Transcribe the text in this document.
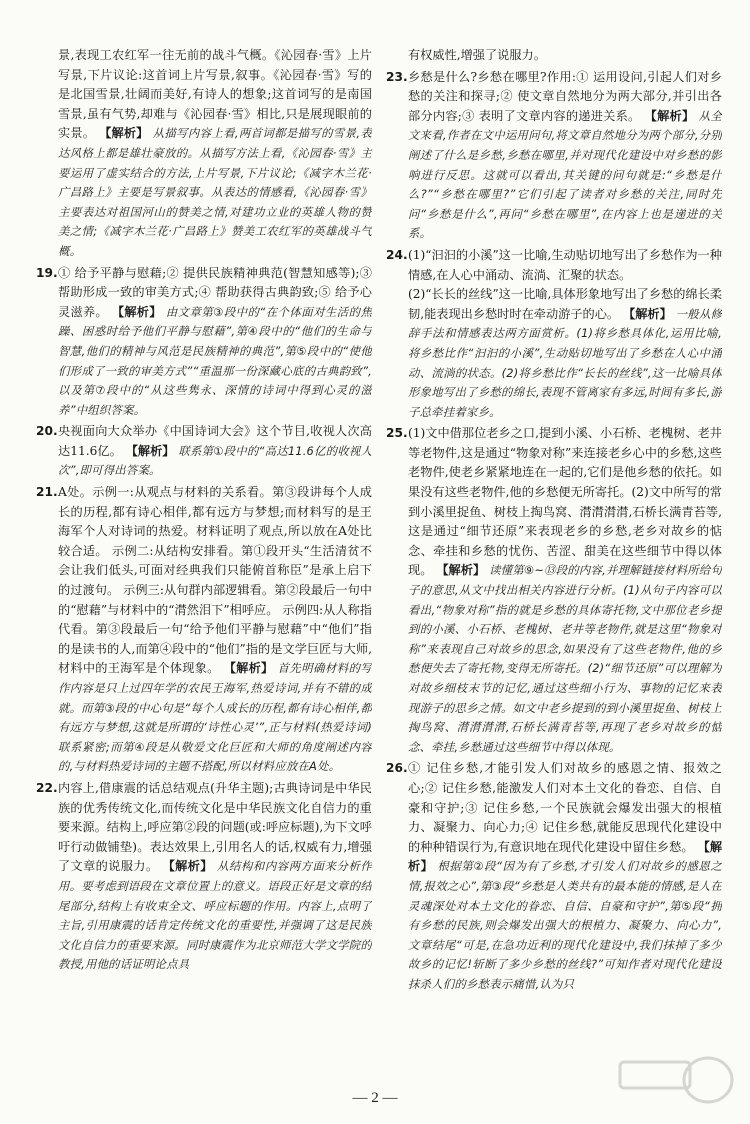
景,表现工农红军一往无前的战斗气概。《沁园春·雪》上片写景,下片议论:这首词上片写景,叙事。《沁园春·雪》写的是北国雪景,壮阔而美好,有诗人的想象;这首词写的是南国雪景,虽有气势,却难与《沁园春·雪》相比,只是展现眼前的实景。 【解析】 从描写内容上看,两首词都是描写的雪景,表达风格上都是雄壮豪放的。从描写方法上看,《沁园春·雪》主要运用了虚实结合的方法,上片写景,下片议论;《减字木兰花·广昌路上》主要是写景叙事。从表达的情感看,《沁园春·雪》主要表达对祖国河山的赞美之情,对建功立业的英雄人物的赞美之情;《减字木兰花·广昌路上》赞美工农红军的英雄战斗气概。
19. ① 给予平静与慰藉;② 提供民族精神典范(智慧知感等);③ 帮助形成一致的审美方式;④ 帮助获得古典韵致;⑤ 给予心灵滋养。 【解析】 由文章第③段中的“在个体面对生活的焦躁、困惑时给予他们平静与慰藉”,第④段中的“他们的生命与智慧,他们的精神与风范是民族精神的典范”,第⑤段中的“使他们形成了一致的审美方式”“重温那一份深藏心底的古典韵致”,以及第⑦段中的“从这些隽永、深情的诗词中得到心灵的滋养”中组织答案。
20. 央视面向大众举办《中国诗词大会》这个节目,收视人次高达11.6亿。 【解析】 联系第①段中的“高达11.6亿的收视人次”,即可得出答案。
21. A处。示例一:从观点与材料的关系看。第③段讲每个人成长的历程,都有诗心相伴,都有远方与梦想;而材料写的是王海军个人对诗词的热爱。材料证明了观点,所以放在A处比较合适。 示例二:从结构安排看。第①段开头“生活清贫不会让我们低头,可面对经典我们只能俯首称臣”是承上启下的过渡句。 示例三:从句群内部逻辑看。第②段最后一句中的“慰藉”与材料中的“潸然泪下”相呼应。 示例四:从人称指代看。第③段最后一句“给予他们平静与慰藉”中“他们”指的是读书的人,而第④段中的“他们”指的是文学巨匠与大师,材料中的王海军是个体现象。 【解析】 首先明确材料的写作内容是只上过四年学的农民王海军,热爱诗词,并有不错的成就。而第③段的中心句是“每个人成长的历程,都有诗心相伴,都有远方与梦想,这就是所谓的‘诗性心灵’”,正与材料(热爱诗词)联系紧密;而第④段是从敬爱文化巨匠和大师的角度阐述内容的,与材料热爱诗词的主题不搭配,所以材料应放在A处。
22. 内容上,借康震的话总结观点(升华主题);古典诗词是中华民族的优秀传统文化,而传统文化是中华民族文化自信力的重要来源。结构上,呼应第②段的问题(或:呼应标题),为下文呼吁行动做铺垫)。表达效果上,引用名人的话,权威有力,增强了文章的说服力。 【解析】 从结构和内容两方面来分析作用。要考虑到语段在文章位置上的意义。语段正好是文章的结尾部分,结构上有收束全文、呼应标题的作用。内容上,点明了主旨,引用康震的话肯定传统文化的重要性,并强调了这是民族文化自信力的重要来源。同时康震作为北京师范大学文学院的教授,用他的话证明论点具
有权威性,增强了说服力。
23. 乡愁是什么?乡愁在哪里?作用:① 运用设问,引起人们对乡愁的关注和探寻;② 使文章自然地分为两大部分,并引出各部分内容;③ 表明了文章内容的递进关系。 【解析】 从全文来看,作者在文中运用问句,将文章自然地分为两个部分,分别阐述了什么是乡愁,乡愁在哪里,并对现代化建设中对乡愁的影响进行反思。这就可以看出,其关键的问句就是:“乡愁是什么?”“乡愁在哪里?”它们引起了读者对乡愁的关注,同时先问“乡愁是什么”,再问“乡愁在哪里”,在内容上也是递进的关系。
24. (1)“汩汩的小溪”这一比喻,生动贴切地写出了乡愁作为一种情感,在人心中涌动、流淌、汇聚的状态。
(2)“长长的丝线”这一比喻,具体形象地写出了乡愁的绵长柔韧,能表现出乡愁时时在牵动游子的心。 【解析】 一般从修辞手法和情感表达两方面赏析。(1)将乡愁具体化,运用比喻,将乡愁比作“汩汩的小溪”,生动贴切地写出了乡愁在人心中涌动、流淌的状态。(2)将乡愁比作“长长的丝线”,这一比喻具体形象地写出了乡愁的绵长,表现不管离家有多远,时间有多长,游子总牵挂着家乡。
25. (1)文中借那位老乡之口,提到小溪、小石桥、老槐树、老井等老物件,这是通过“物象对称”来连接老乡心中的乡愁,这些老物件,使老乡紧紧地连在一起的,它们是他乡愁的依托。如果没有这些老物件,他的乡愁便无所寄托。(2)文中所写的常到小溪里捉鱼、树枝上掏鸟窝、潸潸潸潸,石桥长满青苔等,这是通过“细节还原”来表现老乡的乡愁,老乡对故乡的惦念、牵挂和乡愁的忧伤、苦涩、甜美在这些细节中得以体现。 【解析】 读懂第⑨~⑬段的内容,并理解链接材料所给句子的意思,从文中找出相关内容进行分析。(1)从句子内容可以看出,“物象对称”指的就是乡愁的具体寄托物,文中那位老乡提到的小溪、小石桥、老槐树、老井等老物件,就是这里“物象对称”来表现自己对故乡的思念,如果没有了这些老物件,他的乡愁便失去了寄托物,变得无所寄托。(2)“细节还原”可以理解为对故乡细枝末节的记忆,通过这些细小行为、事物的记忆来表现游子的思乡之情。如文中老乡提到的到小溪里捉鱼、树枝上掏鸟窝、潸潸潸潸,石桥长满青苔等,再现了老乡对故乡的惦念、牵挂,乡愁通过这些细节中得以体现。
26. ① 记住乡愁,才能引发人们对故乡的感恩之情、报效之心;② 记住乡愁,能激发人们对本土文化的眷恋、自信、自豪和守护;③ 记住乡愁,一个民族就会爆发出强大的根植力、凝聚力、向心力;④ 记住乡愁,就能反思现代化建设中的种种错误行为,有意识地在现代化建设中留住乡愁。 【解析】 根据第②段“因为有了乡愁,才引发人们对故乡的感恩之情,报效之心”,第③段“乡愁是人类共有的最本能的情感,是人在灵魂深处对本土文化的眷恋、自信、自豪和守护”,第⑤段“拥有乡愁的民族,则会爆发出强大的根植力、凝聚力、向心力”,文章结尾“可是,在急功近利的现代化建设中,我们抹掉了多少故乡的记忆!斩断了多少乡愁的丝线?”可知作者对现代化建设抹杀人们的乡愁表示痛惜,认为只
— 2 —
